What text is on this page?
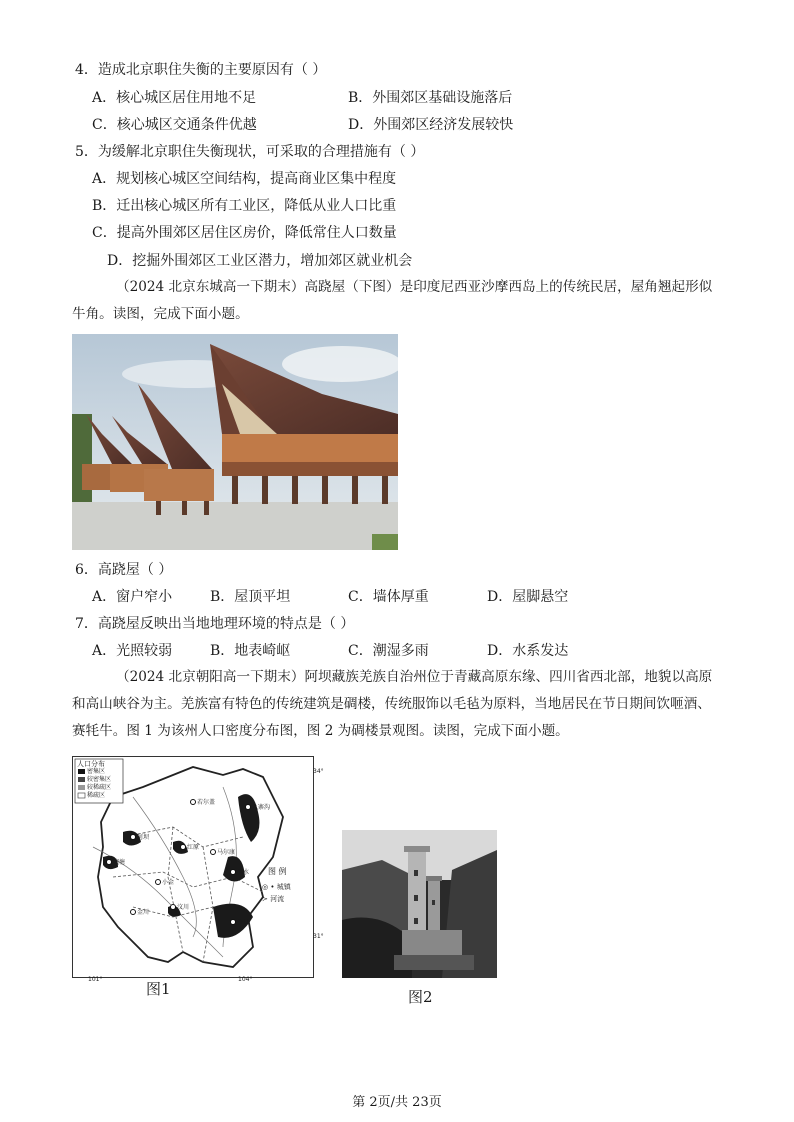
4．造成北京职住失衡的主要原因有（ ）
A．核心城区居住用地不足	B．外围郊区基础设施落后
C．核心城区交通条件优越	D．外围郊区经济发展较快
5．为缓解北京职住失衡现状，可采取的合理措施有（ ）
A．规划核心城区空间结构，提高商业区集中程度
B．迁出核心城区所有工业区，降低从业人口比重
C．提高外围郊区居住区房价，降低常住人口数量
D．挖掘外围郊区工业区潜力，增加郊区就业机会
（2024 北京东城高一下期末）高跷屋（下图）是印度尼西亚沙摩西岛上的传统民居，屋角翘起形似牛角。读图，完成下面小题。
6．高跷屋（ ）
A．窗户窄小	B．屋顶平坦	C．墙体厚重	D．屋脚悬空
7．高跷屋反映出当地地理环境的特点是（ ）
A．光照较弱	B．地表崎岖	C．潮湿多雨	D．水系发达
（2024 北京朝阳高一下期末）阿坝藏族羌族自治州位于青藏高原东缘、四川省西北部，地貌以高原和高山峡谷为主。羌族富有特色的传统建筑是碉楼，传统服饰以毛毡为原料，当地居民在节日期间饮咂酒、赛牦牛。图 1 为该州人口密度分布图，图 2 为碉楼景观图。读图，完成下面小题。
人口分布
密集区
较密集区
较稀疏区
稀疏区
若尔盖
九寨沟
阿坝
红原
壤塘
马尔康
黑水
茂县
金川
小金
汶川
34°
31°
101°	104°
图 例
◎ • 城镇
≻ 河流
图1	图2
第 2页/共 23页
